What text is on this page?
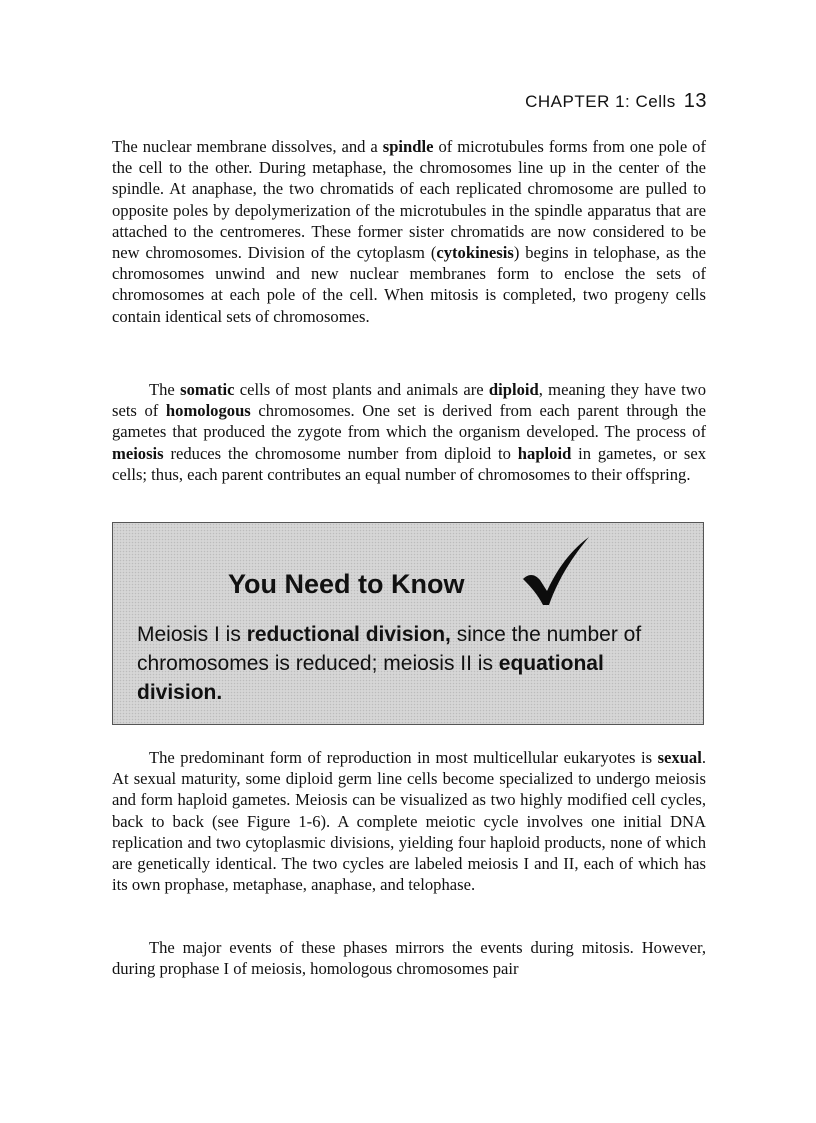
CHAPTER 1: Cells 13

The nuclear membrane dissolves, and a spindle of microtubules forms from one pole of the cell to the other. During metaphase, the chromosomes line up in the center of the spindle. At anaphase, the two chromatids of each replicated chromosome are pulled to opposite poles by depolymerization of the microtubules in the spindle apparatus that are attached to the centromeres. These former sister chromatids are now considered to be new chromosomes. Division of the cytoplasm (cytokinesis) begins in telophase, as the chromosomes unwind and new nuclear membranes form to enclose the sets of chromosomes at each pole of the cell. When mitosis is completed, two progeny cells contain identical sets of chromosomes.

The somatic cells of most plants and animals are diploid, meaning they have two sets of homologous chromosomes. One set is derived from each parent through the gametes that produced the zygote from which the organism developed. The process of meiosis reduces the chromosome number from diploid to haploid in gametes, or sex cells; thus, each parent contributes an equal number of chromosomes to their offspring.

You Need to Know

Meiosis I is reductional division, since the number of chromosomes is reduced; meiosis II is equational division.

The predominant form of reproduction in most multicellular eukaryotes is sexual. At sexual maturity, some diploid germ line cells become specialized to undergo meiosis and form haploid gametes. Meiosis can be visualized as two highly modified cell cycles, back to back (see Figure 1-6). A complete meiotic cycle involves one initial DNA replication and two cytoplasmic divisions, yielding four haploid products, none of which are genetically identical. The two cycles are labeled meiosis I and II, each of which has its own prophase, metaphase, anaphase, and telophase.

The major events of these phases mirrors the events during mitosis. However, during prophase I of meiosis, homologous chromosomes pair
